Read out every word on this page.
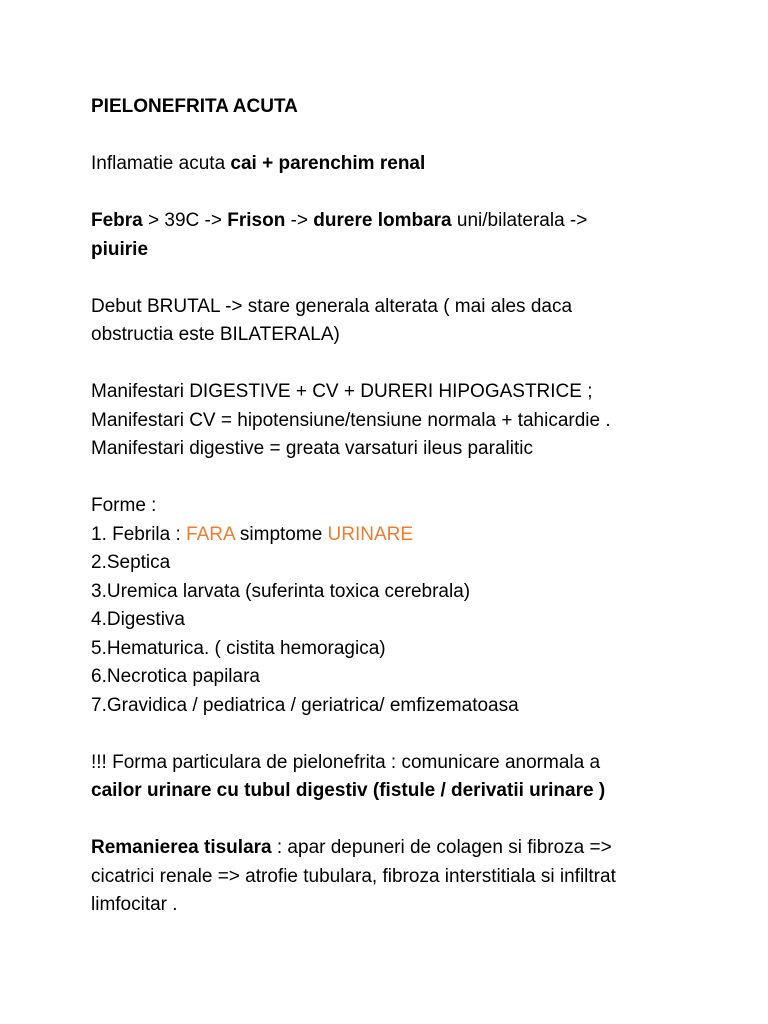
PIELONEFRITA ACUTA
Inflamatie acuta cai + parenchim renal
Febra > 39C -> Frison -> durere lombara uni/bilaterala ->
piuirie
Debut BRUTAL -> stare generala alterata ( mai ales daca
obstructia este BILATERALA)
Manifestari DIGESTIVE + CV + DURERI HIPOGASTRICE ;
Manifestari CV = hipotensiune/tensiune normala + tahicardie .
Manifestari digestive = greata varsaturi ileus paralitic
Forme :
1. Febrila : FARA simptome URINARE
2.Septica
3.Uremica larvata (suferinta toxica cerebrala)
4.Digestiva
5.Hematurica. ( cistita hemoragica)
6.Necrotica papilara
7.Gravidica / pediatrica / geriatrica/ emfizematoasa
!!! Forma particulara de pielonefrita : comunicare anormala a
cailor urinare cu tubul digestiv (fistule / derivatii urinare )
Remanierea tisulara : apar depuneri de colagen si fibroza =>
cicatrici renale => atrofie tubulara, fibroza interstitiala si infiltrat
limfocitar .
